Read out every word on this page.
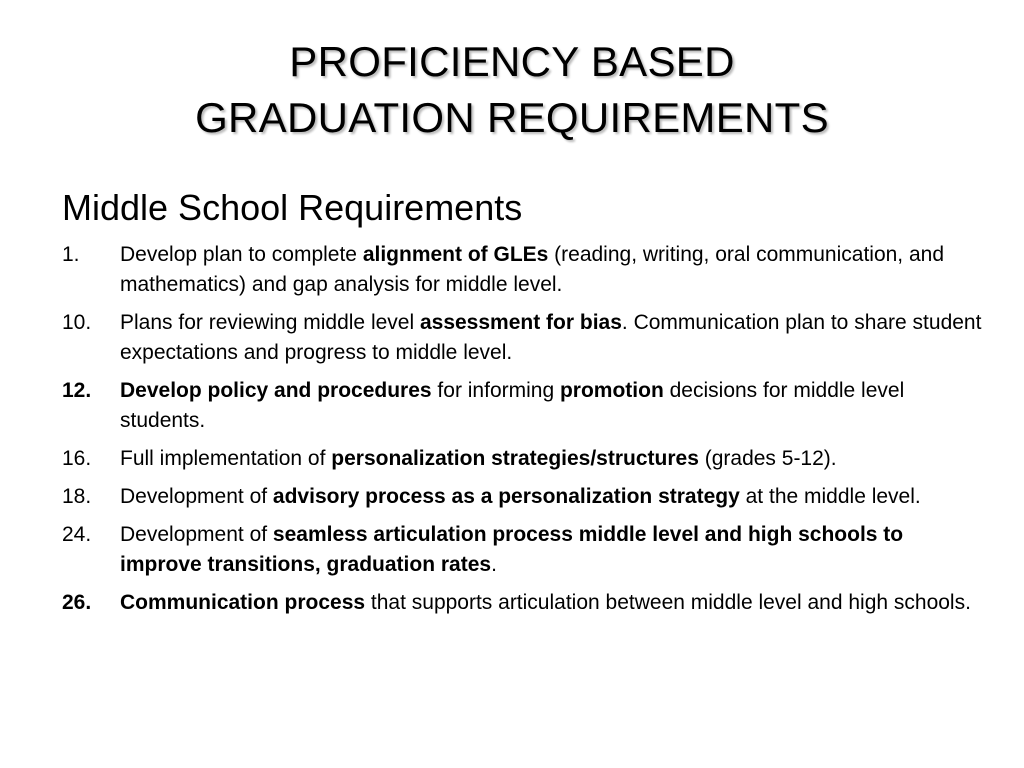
PROFICIENCY BASED
GRADUATION REQUIREMENTS
Middle School Requirements
1.	Develop plan to complete alignment of GLEs (reading, writing, oral communication, and mathematics) and gap analysis for middle level.
10.	Plans for reviewing middle level assessment for bias. Communication plan to share student expectations and progress to middle level.
12.	Develop policy and procedures for informing promotion decisions for middle level students.
16.	Full implementation of personalization strategies/structures (grades 5-12).
18.	Development of advisory process as a personalization strategy at the middle level.
24.	Development of seamless articulation process middle level and high schools to improve transitions, graduation rates.
26.	Communication process that supports articulation between middle level and high schools.
